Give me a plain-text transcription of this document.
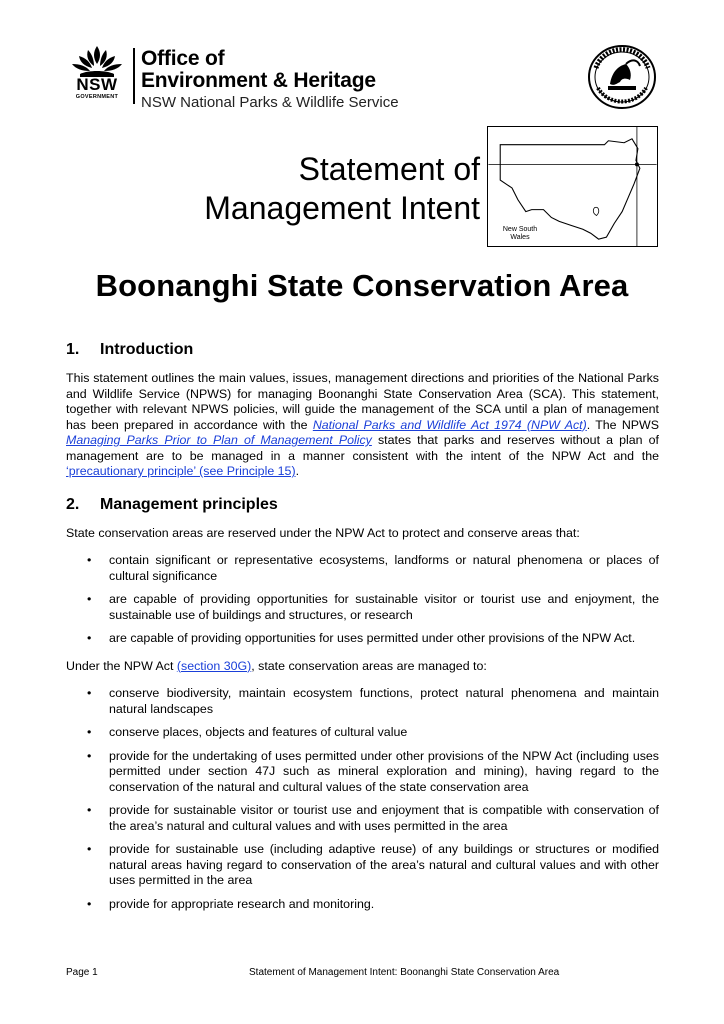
NSW
GOVERNMENT
Office of
Environment & Heritage
NSW National Parks & Wildlife Service
Statement of
Management Intent
New South Wales
Boonanghi State Conservation Area
1. Introduction

This statement outlines the main values, issues, management directions and priorities of the National Parks and Wildlife Service (NPWS) for managing Boonanghi State Conservation Area (SCA). This statement, together with relevant NPWS policies, will guide the management of the SCA until a plan of management has been prepared in accordance with the National Parks and Wildlife Act 1974 (NPW Act). The NPWS Managing Parks Prior to Plan of Management Policy states that parks and reserves without a plan of management are to be managed in a manner consistent with the intent of the NPW Act and the ‘precautionary principle’ (see Principle 15).

2. Management principles

State conservation areas are reserved under the NPW Act to protect and conserve areas that:

• contain significant or representative ecosystems, landforms or natural phenomena or places of cultural significance
• are capable of providing opportunities for sustainable visitor or tourist use and enjoyment, the sustainable use of buildings and structures, or research
• are capable of providing opportunities for uses permitted under other provisions of the NPW Act.

Under the NPW Act (section 30G), state conservation areas are managed to:

• conserve biodiversity, maintain ecosystem functions, protect natural phenomena and maintain natural landscapes
• conserve places, objects and features of cultural value
• provide for the undertaking of uses permitted under other provisions of the NPW Act (including uses permitted under section 47J such as mineral exploration and mining), having regard to the conservation of the natural and cultural values of the state conservation area
• provide for sustainable visitor or tourist use and enjoyment that is compatible with conservation of the area’s natural and cultural values and with uses permitted in the area
• provide for sustainable use (including adaptive reuse) of any buildings or structures or modified natural areas having regard to conservation of the area’s natural and cultural values and with other uses permitted in the area
• provide for appropriate research and monitoring.
Page 1	Statement of Management Intent: Boonanghi State Conservation Area
